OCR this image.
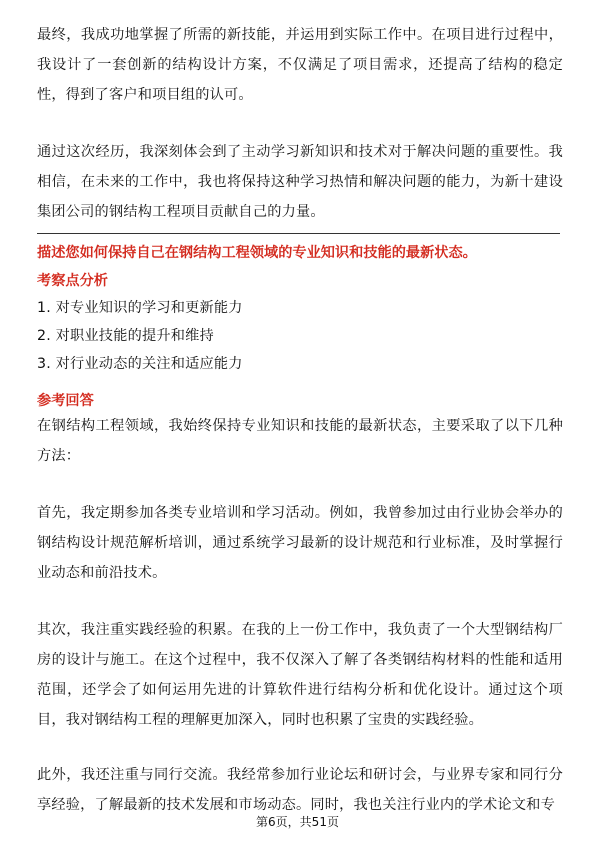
最终，我成功地掌握了所需的新技能，并运用到实际工作中。在项目进行过程中，我设计了一套创新的结构设计方案，不仅满足了项目需求，还提高了结构的稳定性，得到了客户和项目组的认可。

通过这次经历，我深刻体会到了主动学习新知识和技术对于解决问题的重要性。我相信，在未来的工作中，我也将保持这种学习热情和解决问题的能力，为新十建设集团公司的钢结构工程项目贡献自己的力量。

描述您如何保持自己在钢结构工程领域的专业知识和技能的最新状态。

考察点分析

1. 对专业知识的学习和更新能力

2. 对职业技能的提升和维持

3. 对行业动态的关注和适应能力

参考回答

在钢结构工程领域，我始终保持专业知识和技能的最新状态，主要采取了以下几种方法：

首先，我定期参加各类专业培训和学习活动。例如，我曾参加过由行业协会举办的钢结构设计规范解析培训，通过系统学习最新的设计规范和行业标准，及时掌握行业动态和前沿技术。

其次，我注重实践经验的积累。在我的上一份工作中，我负责了一个大型钢结构厂房的设计与施工。在这个过程中，我不仅深入了解了各类钢结构材料的性能和适用范围，还学会了如何运用先进的计算软件进行结构分析和优化设计。通过这个项目，我对钢结构工程的理解更加深入，同时也积累了宝贵的实践经验。

此外，我还注重与同行交流。我经常参加行业论坛和研讨会，与业界专家和同行分享经验，了解最新的技术发展和市场动态。同时，我也关注行业内的学术论文和专

第6页，共51页
